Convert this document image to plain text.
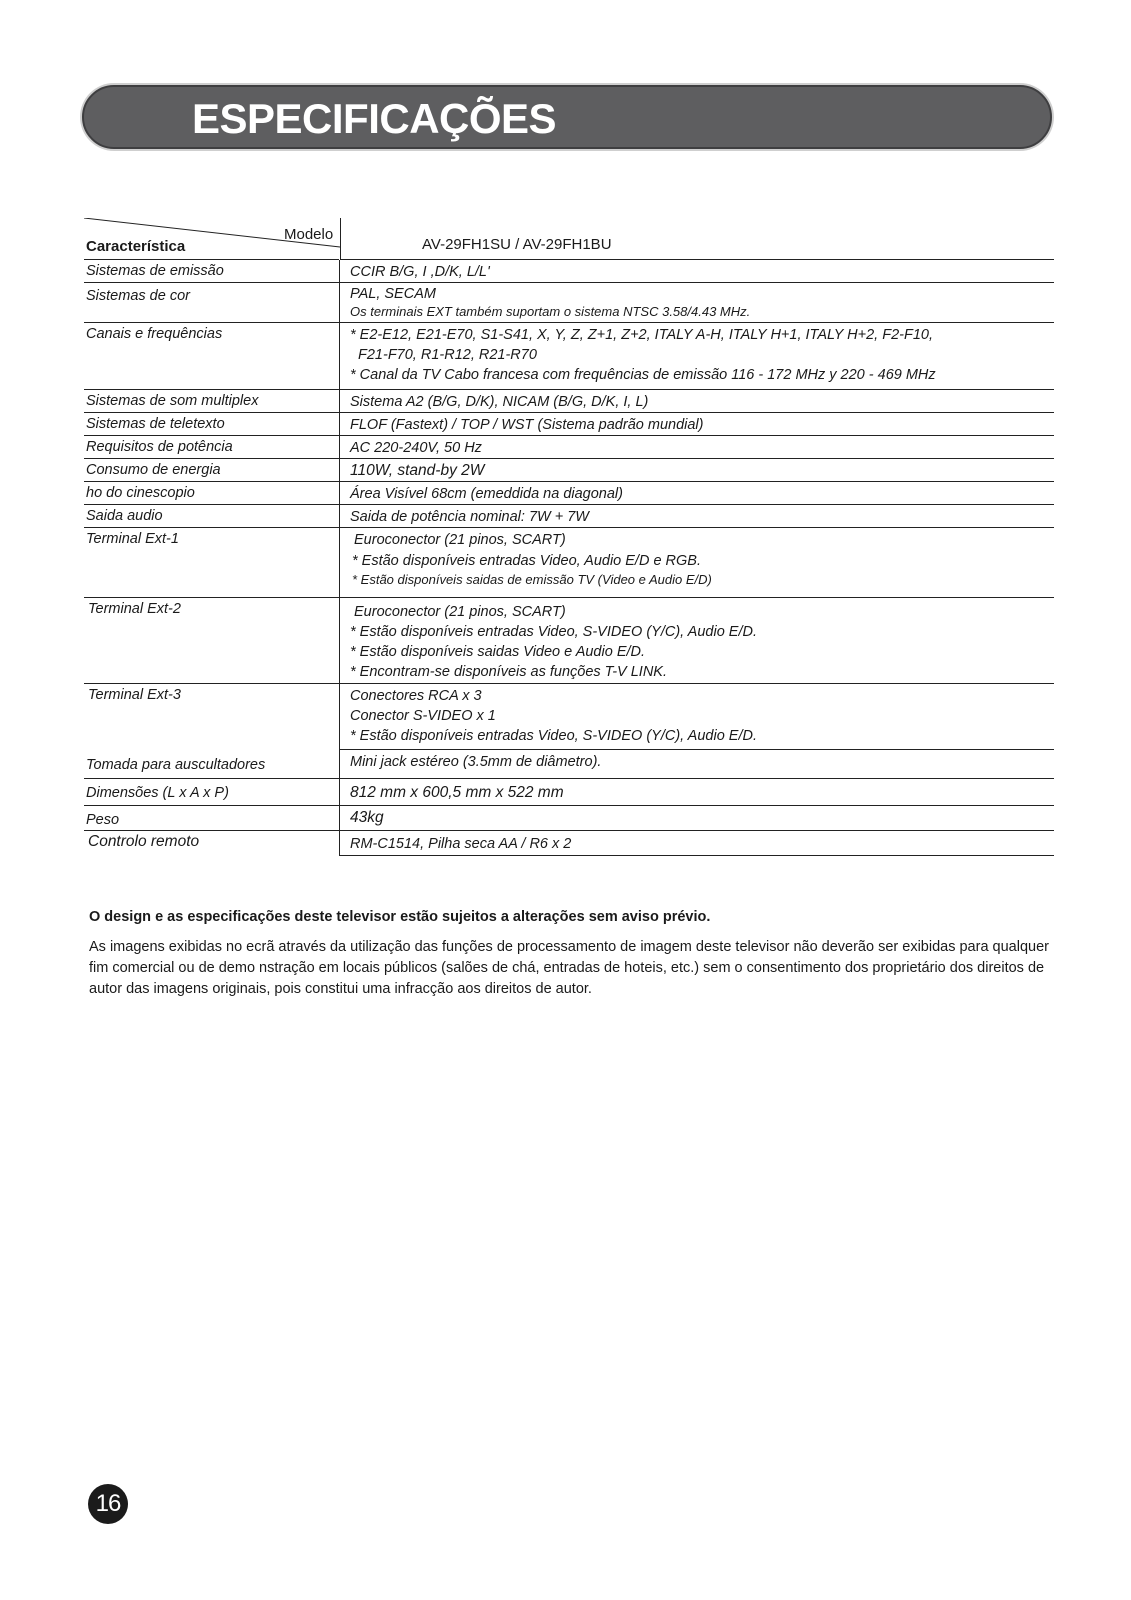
ESPECIFICAÇÕES
Modelo
Característica	AV-29FH1SU / AV-29FH1BU
Sistemas de emissão	CCIR B/G, I ,D/K, L/L'
Sistemas de cor	PAL, SECAM
Os terminais EXT também suportam o sistema NTSC 3.58/4.43 MHz.
Canais e frequências	* E2-E12, E21-E70, S1-S41, X, Y, Z, Z+1, Z+2, ITALY A-H, ITALY H+1, ITALY H+2, F2-F10,
F21-F70, R1-R12, R21-R70
* Canal da TV Cabo francesa com frequências de emissão 116 - 172 MHz y 220 - 469 MHz
Sistemas de som multiplex	Sistema A2 (B/G, D/K), NICAM (B/G, D/K, I, L)
Sistemas de teletexto	FLOF (Fastext) / TOP / WST (Sistema padrão mundial)
Requisitos de potência	AC 220-240V, 50 Hz
Consumo de energia	110W, stand-by 2W
ho do cinescopio	Área Visível 68cm (emeddida na diagonal)
Saida audio	Saida de potência nominal: 7W + 7W
Terminal Ext-1	Euroconector (21 pinos, SCART)
* Estão disponíveis entradas Video, Audio E/D e RGB.
* Estão disponíveis saidas de emissão TV (Video e Audio E/D)
Terminal Ext-2	Euroconector (21 pinos, SCART)
* Estão disponíveis entradas Video, S-VIDEO (Y/C), Audio E/D.
* Estão disponíveis saidas Video e Audio E/D.
* Encontram-se disponíveis as funções T-V LINK.
Terminal Ext-3	Conectores RCA x 3
Conector S-VIDEO x 1
* Estão disponíveis entradas Video, S-VIDEO (Y/C), Audio E/D.
Tomada para auscultadores	Mini jack estéreo (3.5mm de diâmetro).
Dimensões (L x A x P)	812 mm x 600,5 mm x 522 mm
Peso	43kg
Controlo remoto	RM-C1514, Pilha seca AA / R6 x 2
O design e as especificações deste televisor estão sujeitos a alterações sem aviso prévio.
As imagens exibidas no ecrã através da utilização das funções de processamento de imagem deste televisor não deverão ser exibidas para qualquer fim comercial ou de demo nstração em locais públicos (salões de chá, entradas de hoteis, etc.) sem o consentimento dos proprietário dos direitos de autor das imagens originais, pois constitui uma infracção aos direitos de autor.
16
